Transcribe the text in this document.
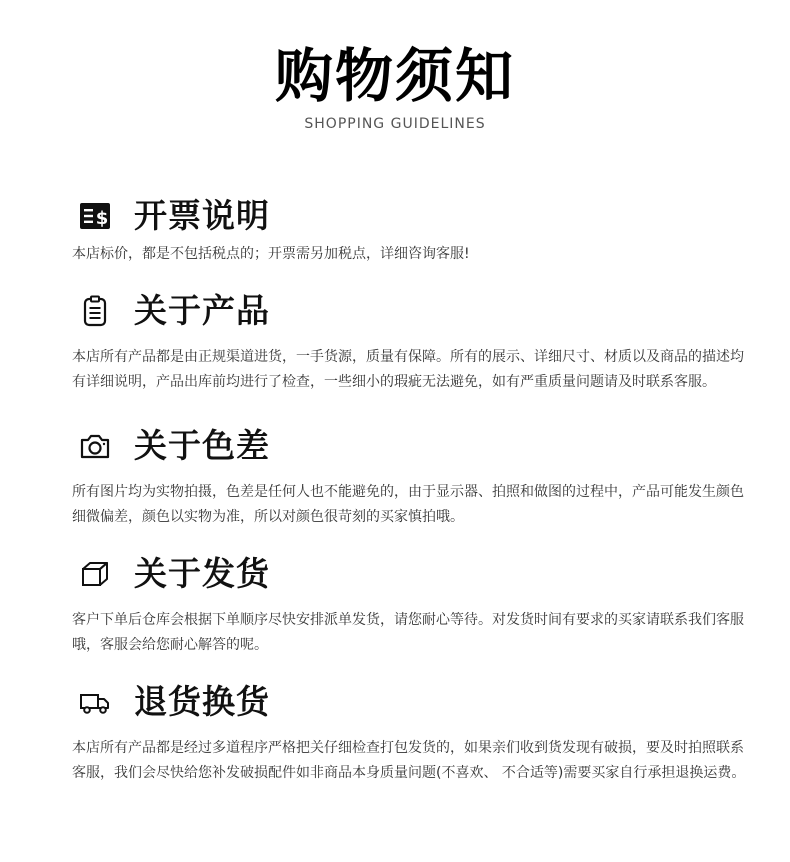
购物须知
SHOPPING GUIDELINES
$ 开票说明

本店标价，都是不包括税点的；开票需另加税点，详细咨询客服!

关于产品

本店所有产品都是由正规渠道进货，一手货源，质量有保障。所有的展示、详细尺寸、材质以及商品的描述均有详细说明，产品出库前均进行了检查，一些细小的瑕疵无法避免，如有严重质量问题请及时联系客服。

关于色差

所有图片均为实物拍摄，色差是任何人也不能避免的，由于显示器、拍照和做图的过程中，产品可能发生颜色细微偏差，颜色以实物为准，所以对颜色很苛刻的买家慎拍哦。

关于发货

客户下单后仓库会根据下单顺序尽快安排派单发货，请您耐心等待。对发货时间有要求的买家请联系我们客服哦，客服会给您耐心解答的呢。

退货换货

本店所有产品都是经过多道程序严格把关仔细检查打包发货的，如果亲们收到货发现有破损，要及时拍照联系客服，我们会尽快给您补发破损配件如非商品本身质量问题(不喜欢、 不合适等)需要买家自行承担退换运费。
